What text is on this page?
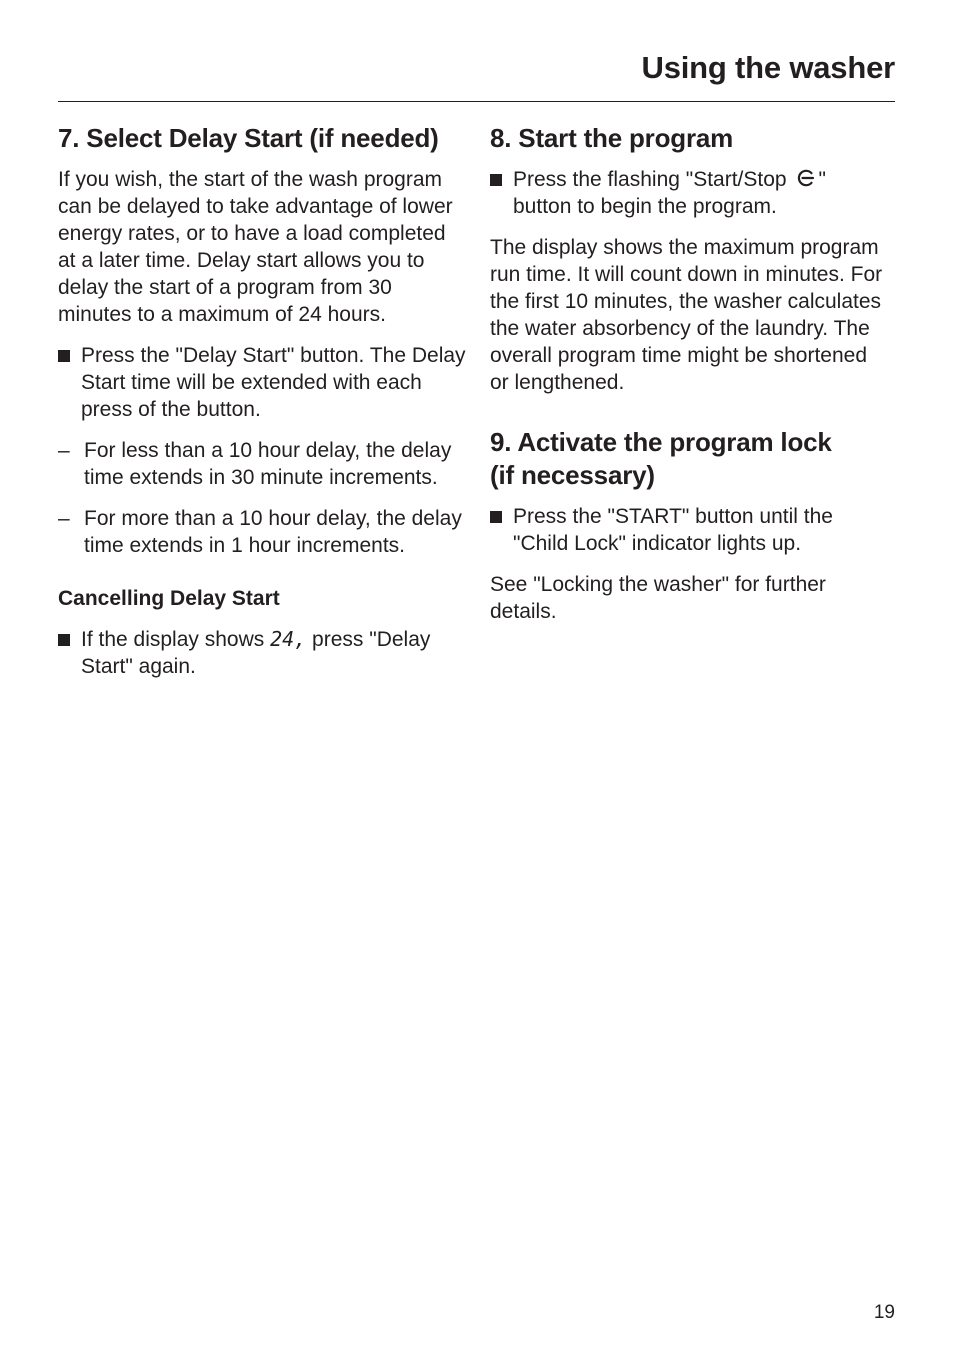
Using the washer
7. Select Delay Start (if needed)

If you wish, the start of the wash program can be delayed to take advantage of lower energy rates, or to have a load completed at a later time. Delay start allows you to delay the start of a program from 30 minutes to a maximum of 24 hours.

Press the "Delay Start" button. The Delay Start time will be extended with each press of the button.
– For less than a 10 hour delay, the delay time extends in 30 minute increments.
– For more than a 10 hour delay, the delay time extends in 1 hour increments.
Cancelling Delay Start
If the display shows 24, press "Delay Start" again.
8. Start the program
Press the flashing "Start/Stop " button to begin the program.

The display shows the maximum program run time. It will count down in minutes. For the first 10 minutes, the washer calculates the water absorbency of the laundry. The overall program time might be shortened or lengthened.

9. Activate the program lock
(if necessary)
Press the "START" button until the "Child Lock" indicator lights up.

See "Locking the washer" for further details.

19
